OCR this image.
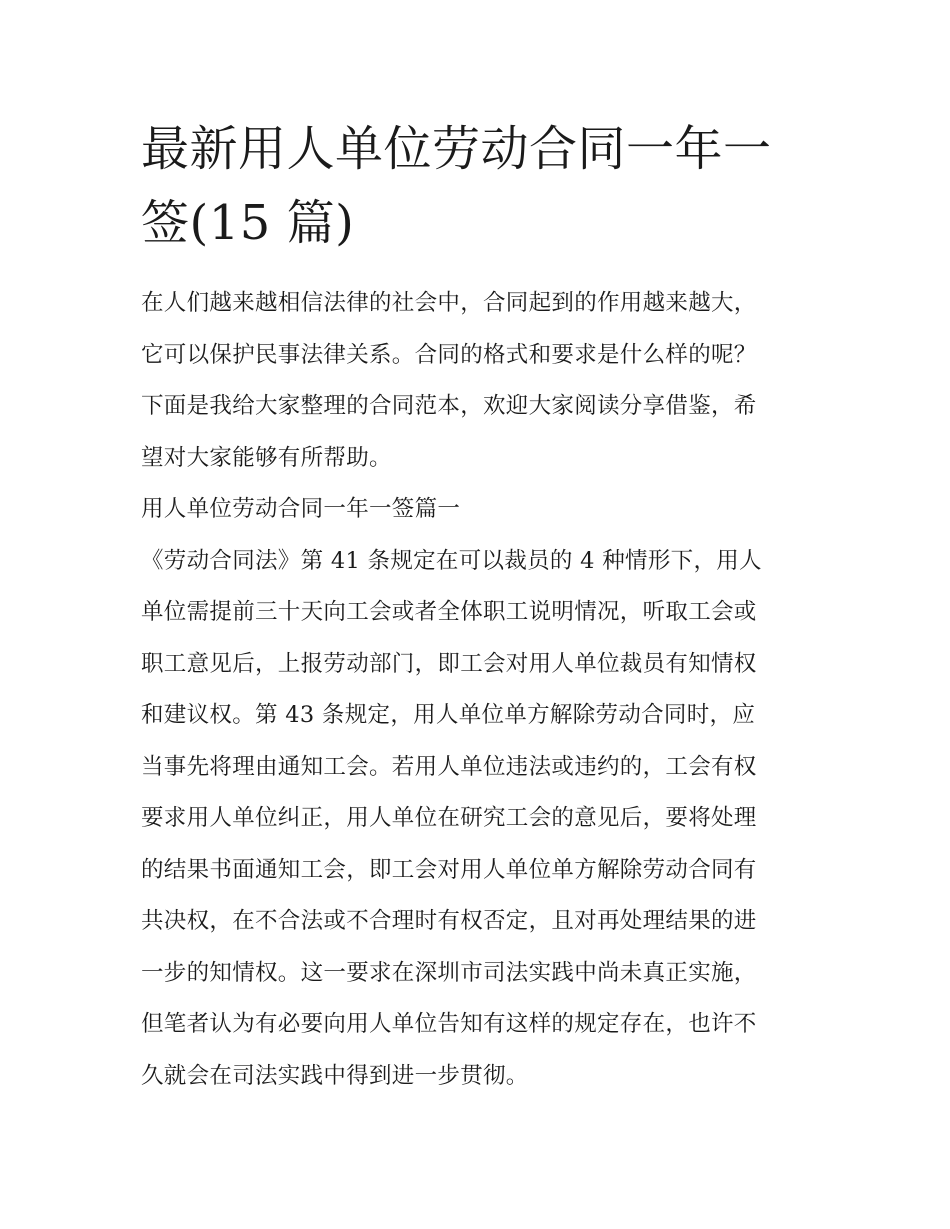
最新用人单位劳动合同一年一
签(15 篇)

在人们越来越相信法律的社会中，合同起到的作用越来越大，
它可以保护民事法律关系。合同的格式和要求是什么样的呢？
下面是我给大家整理的合同范本，欢迎大家阅读分享借鉴，希
望对大家能够有所帮助。

用人单位劳动合同一年一签篇一

《劳动合同法》第 41 条规定在可以裁员的 4 种情形下，用人
单位需提前三十天向工会或者全体职工说明情况，听取工会或
职工意见后，上报劳动部门，即工会对用人单位裁员有知情权
和建议权。第 43 条规定，用人单位单方解除劳动合同时，应
当事先将理由通知工会。若用人单位违法或违约的，工会有权
要求用人单位纠正，用人单位在研究工会的意见后，要将处理
的结果书面通知工会，即工会对用人单位单方解除劳动合同有
共决权，在不合法或不合理时有权否定，且对再处理结果的进
一步的知情权。这一要求在深圳市司法实践中尚未真正实施，
但笔者认为有必要向用人单位告知有这样的规定存在，也许不
久就会在司法实践中得到进一步贯彻。
